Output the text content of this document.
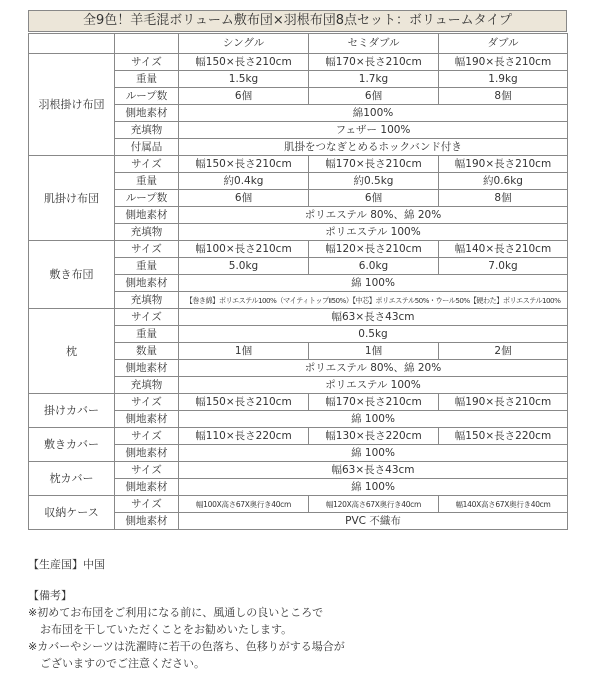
全9色！羊毛混ボリューム敷布団×羽根布団8点セット：ボリュームタイプ
		シングル	セミダブル	ダブル
羽根掛け布団	サイズ	幅150×長さ210cm	幅170×長さ210cm	幅190×長さ210cm
	重量	1.5kg	1.7kg	1.9kg
	ループ数	6個	6個	8個
	側地素材	綿100%		
	充填物	フェザー 100%		
	付属品	肌掛をつなぎとめるホックバンド付き		
肌掛け布団	サイズ	幅150×長さ210cm	幅170×長さ210cm	幅190×長さ210cm
	重量	約0.4kg	約0.5kg	約0.6kg
	ループ数	6個	6個	8個
	側地素材	ポリエステル 80%、綿 20%		
	充填物	ポリエステル 100%		
敷き布団	サイズ	幅100×長さ210cm	幅120×長さ210cm	幅140×長さ210cm
	重量	5.0kg	6.0kg	7.0kg
	側地素材	綿 100%		
	充填物	【巻き綿】ポリエステル100%（マイティトップⅡ50%）【中芯】ポリエステル50%・ウール50%【硬わた】ポリエステル100%		
枕	サイズ	幅63×長さ43cm		
	重量	0.5kg		
	数量	1個	1個	2個
	側地素材	ポリエステル 80%、綿 20%		
	充填物	ポリエステル 100%		
掛けカバー	サイズ	幅150×長さ210cm	幅170×長さ210cm	幅190×長さ210cm
	側地素材	綿 100%		
敷きカバー	サイズ	幅110×長さ220cm	幅130×長さ220cm	幅150×長さ220cm
	側地素材	綿 100%		
枕カバー	サイズ	幅63×長さ43cm		
	側地素材	綿 100%		
収納ケース	サイズ	幅100X高さ67X奥行き40cm	幅120X高さ67X奥行き40cm	幅140X高さ67X奥行き40cm
	側地素材	PVC 不織布		

【生産国】中国

【備考】

※初めてお布団をご利用になる前に、風通しの良いところで

お布団を干していただくことをお勧めいたします。

※カバーやシーツは洗濯時に若干の色落ち、色移りがする場合が

ございますのでご注意ください。
